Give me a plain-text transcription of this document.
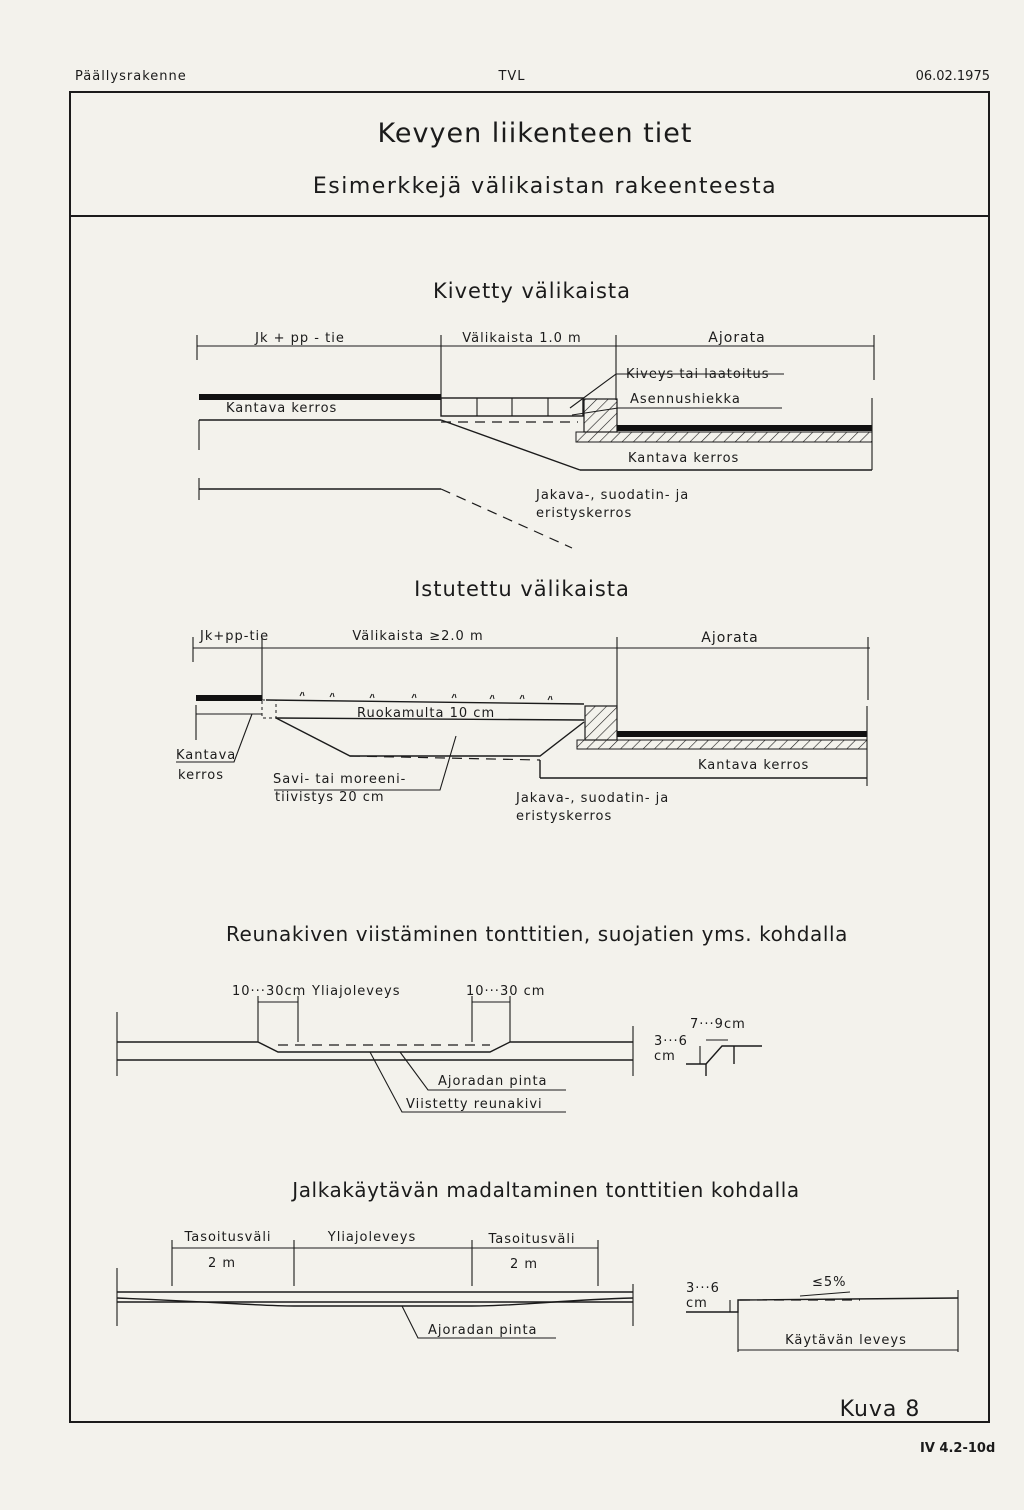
Päällysrakenne	TVL	06.02.1975
Kevyen liikenteen tiet
Esimerkkejä välikaistan rakeenteesta
Kivetty välikaista
Jk + pp - tie	Välikaista 1.0 m	Ajorata
Kantava kerros
Kiveys tai laatoitus
Asennushiekka
Kantava kerros
Jakava-, suodatin- ja
eristyskerros
Istutettu välikaista
Jk+pp-tie	Välikaista ≥2.0 m	Ajorata
Ruokamulta 10 cm
Kantava
kerros	Savi- tai moreeni-
tiivistys 20 cm
Kantava kerros
Jakava-, suodatin- ja
eristyskerros
Reunakiven viistäminen tonttitien, suojatien yms. kohdalla
10···30cm Yliajoleveys	10···30 cm
Ajoradan pinta
Viistetty reunakivi
7···9cm
3···6
cm
Jalkakäytävän madaltaminen tonttitien kohdalla
Tasoitusväli
2 m
Yliajoleveys	Tasoitusväli
2 m
Ajoradan pinta
3···6
cm
≤5%
Käytävän leveys
Kuva 8
IV 4.2-10d
